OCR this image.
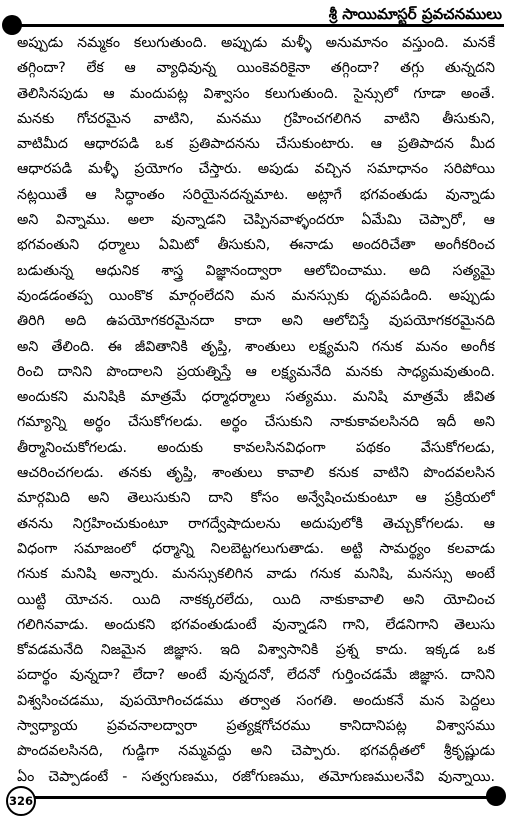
శ్రీ సాయిమాస్టర్ ప్రవచనములు
అప్పుడు నమ్మకం కలుగుతుంది. అప్పుడు మళ్ళీ అనుమానం వస్తుంది. మనకే
తగ్గిందా? లేక ఆ వ్యాధివున్న యింకెవరికైనా తగ్గిందా? తగ్గు తున్నదని
తెలిసినపుడు ఆ మందుపట్ల విశ్వాసం కలుగుతుంది. సైన్సులో గూడా అంతే.
మనకు గోచరమైన వాటిని, మనము గ్రహించగలిగిన వాటిని తీసుకుని,
వాటిమీద ఆధారపడి ఒక ప్రతిపాదనను చేసుకుంటారు. ఆ ప్రతిపాదన మీద
ఆధారపడి మళ్ళీ ప్రయోగం చేస్తారు. అపుడు వచ్చిన సమాధానం సరిపోయి
నట్లయితే ఆ సిద్ధాంతం సరియైనదన్నమాట. అట్లాగే భగవంతుడు వున్నాడు
అని విన్నాము. అలా వున్నాడని చెప్పినవాళ్ళందరూ ఏమేమి చెప్పారో, ఆ
భగవంతుని ధర్మాలు ఏమిటో తీసుకుని, ఈనాడు అందరిచేతా అంగీకరించ
బడుతున్న ఆధునిక శాస్త్ర విజ్ఞానంద్వారా ఆలోచించాము. అది సత్యమై
వుండడంతప్ప యింకొక మార్గంలేదని మన మనస్సుకు ధృవపడింది. అప్పుడు
తిరిగి అది ఉపయోగకరమైనదా కాదా అని ఆలోచిస్తే వుపయోగకరమైనది
అని తేలింది. ఈ జీవితానికి తృప్తి, శాంతులు లక్ష్యమని గనుక మనం అంగీక
రించి దానిని పొందాలని ప్రయత్నిస్తే ఆ లక్ష్యమనేది మనకు సాధ్యమవుతుంది.
అందుకని మనిషికి మాత్రమే ధర్మాధర్మాలు సత్యము. మనిషి మాత్రమే జీవిత
గమ్యాన్ని అర్థం చేసుకోగలడు. అర్థం చేసుకుని నాకుకావలసినది ఇదీ అని
తీర్మానించుకోగలడు. అందుకు కావలసినవిధంగా పథకం వేసుకోగలడు,
ఆచరించగలడు. తనకు తృప్తి, శాంతులు కావాలి కనుక వాటిని పొందవలసిన
మార్గమిది అని తెలుసుకుని దాని కోసం అన్వేషించుకుంటూ ఆ ప్రక్రియలో
తనను నిగ్రహించుకుంటూ రాగద్వేషాదులను అదుపులోకి తెచ్చుకోగలడు. ఆ
విధంగా సమాజంలో ధర్మాన్ని నిలబెట్టగలుగుతాడు. అట్టి సామర్థ్యం కలవాడు
గనుక మనిషి అన్నారు. మనస్సుకలిగిన వాడు గనుక మనిషి, మనస్సు అంటే
యిట్టి యోచన. యిది నాకక్కరలేదు, యిది నాకుకావాలి అని యోచించ
గలిగినవాడు. అందుకని భగవంతుడుంటే వున్నాడని గాని, లేడనిగాని తెలుసు
కోవడమనేది నిజమైన జిజ్ఞాస. ఇది విశ్వాసానికి ప్రశ్న కాదు. ఇక్కడ ఒక
పదార్థం వున్నదా? లేదా? అంటే వున్నదనో, లేదనో గుర్తించడమే జిజ్ఞాస. దానిని
విశ్వసించడము, వుపయోగించడము తర్వాత సంగతి. అందుకనే మన పెద్దలు
స్వాధ్యాయ ప్రవచనాలద్వారా ప్రత్యక్షగోచరము కానిదానిపట్ల విశ్వాసము
పొందవలసినది, గుడ్డిగా నమ్మవద్దు అని చెప్పారు. భగవద్గీతలో శ్రీకృష్ణుడు
ఏం చెప్పాడంటే - సత్వగుణము, రజోగుణము, తమోగుణములనేవి వున్నాయి.
326
